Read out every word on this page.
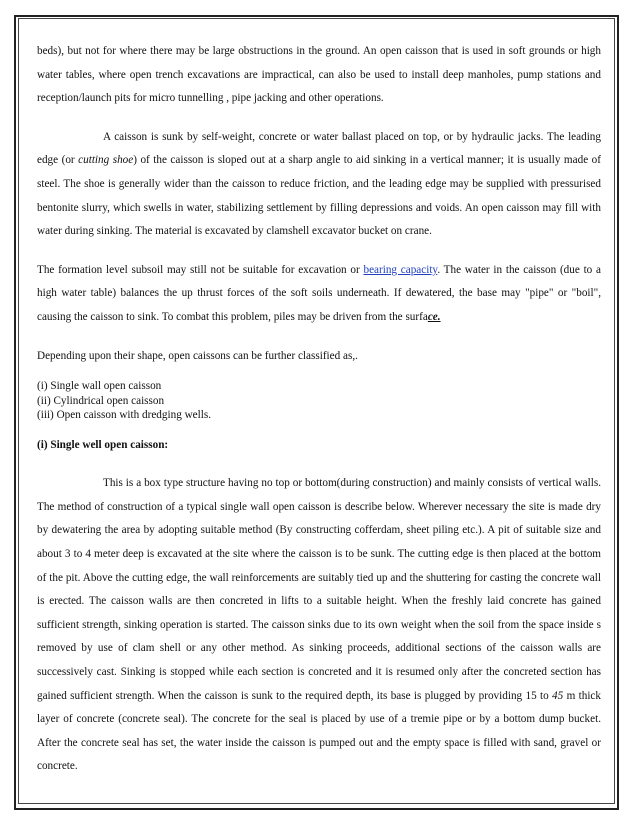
beds), but not for where there may be large obstructions in the ground. An open caisson that is used in soft grounds or high water tables, where open trench excavations are impractical, can also be used to install deep manholes, pump stations and reception/launch pits for micro tunnelling , pipe jacking and other operations.

A caisson is sunk by self-weight, concrete or water ballast placed on top, or by hydraulic jacks. The leading edge (or cutting shoe) of the caisson is sloped out at a sharp angle to aid sinking in a vertical manner; it is usually made of steel. The shoe is generally wider than the caisson to reduce friction, and the leading edge may be supplied with pressurised bentonite slurry, which swells in water, stabilizing settlement by filling depressions and voids. An open caisson may fill with water during sinking. The material is excavated by clamshell excavator bucket on crane.

The formation level subsoil may still not be suitable for excavation or bearing capacity. The water in the caisson (due to a high water table) balances the up thrust forces of the soft soils underneath. If dewatered, the base may "pipe" or "boil", causing the caisson to sink. To combat this problem, piles may be driven from the surface.

Depending upon their shape, open caissons can be further classified as,.

(i) Single wall open caisson
(ii) Cylindrical open caisson
(iii) Open caisson with dredging wells.

(i) Single well open caisson:

This is a box type structure having no top or bottom(during construction) and mainly consists of vertical walls. The method of construction of a typical single wall open caisson is describe below. Wherever necessary the site is made dry by dewatering the area by adopting suitable method (By constructing cofferdam, sheet piling etc.). A pit of suitable size and about 3 to 4 meter deep is excavated at the site where the caisson is to be sunk. The cutting edge is then placed at the bottom of the pit. Above the cutting edge, the wall reinforcements are suitably tied up and the shuttering for casting the concrete wall is erected. The caisson walls are then concreted in lifts to a suitable height. When the freshly laid concrete has gained sufficient strength, sinking operation is started. The caisson sinks due to its own weight when the soil from the space inside s removed by use of clam shell or any other method. As sinking proceeds, additional sections of the caisson walls are successively cast. Sinking is stopped while each section is concreted and it is resumed only after the concreted section has gained sufficient strength. When the caisson is sunk to the required depth, its base is plugged by providing 15 to 45 m thick layer of concrete (concrete seal). The concrete for the seal is placed by use of a tremie pipe or by a bottom dump bucket. After the concrete seal has set, the water inside the caisson is pumped out and the empty space is filled with sand, gravel or concrete.
